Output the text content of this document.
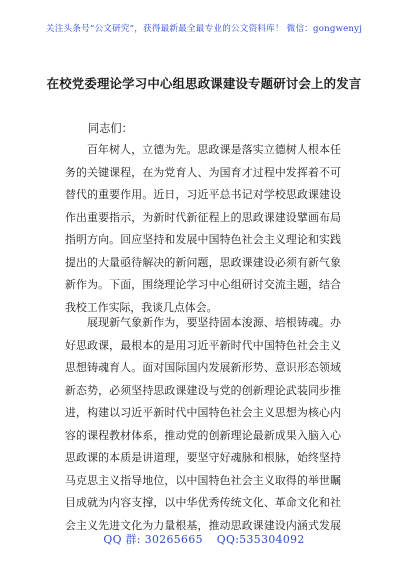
关注头条号“公文研究”，获得最新最全最专业的公文资料库！ 微信：gongwenyj
在校党委理论学习中心组思政课建设专题研讨会上的发言
同志们：
百年树人，立德为先。思政课是落实立德树人根本任
务的关键课程，在为党育人、为国育才过程中发挥着不可
替代的重要作用。近日，习近平总书记对学校思政课建设
作出重要指示，为新时代新征程上的思政课建设擘画布局
指明方向。回应坚持和发展中国特色社会主义理论和实践
提出的大量亟待解决的新问题，思政课建设必须有新气象
新作为。下面，围绕理论学习中心组研讨交流主题，结合
我校工作实际，我谈几点体会。
展现新气象新作为，要坚持固本浚源、培根铸魂。办
好思政课，最根本的是用习近平新时代中国特色社会主义
思想铸魂育人。面对国际国内发展新形势、意识形态领域
新态势，必须坚持思政课建设与党的创新理论武装同步推
进，构建以习近平新时代中国特色社会主义思想为核心内
容的课程教材体系，推动党的创新理论最新成果入脑入心
思政课的本质是讲道理，要坚守好魂脉和根脉，始终坚持
马克思主义指导地位，以中国特色社会主义取得的举世瞩
目成就为内容支撑，以中华优秀传统文化、革命文化和社
会主义先进文化为力量根基，推动思政课建设内涵式发展
QQ 群: 30265665 QQ:535304092
